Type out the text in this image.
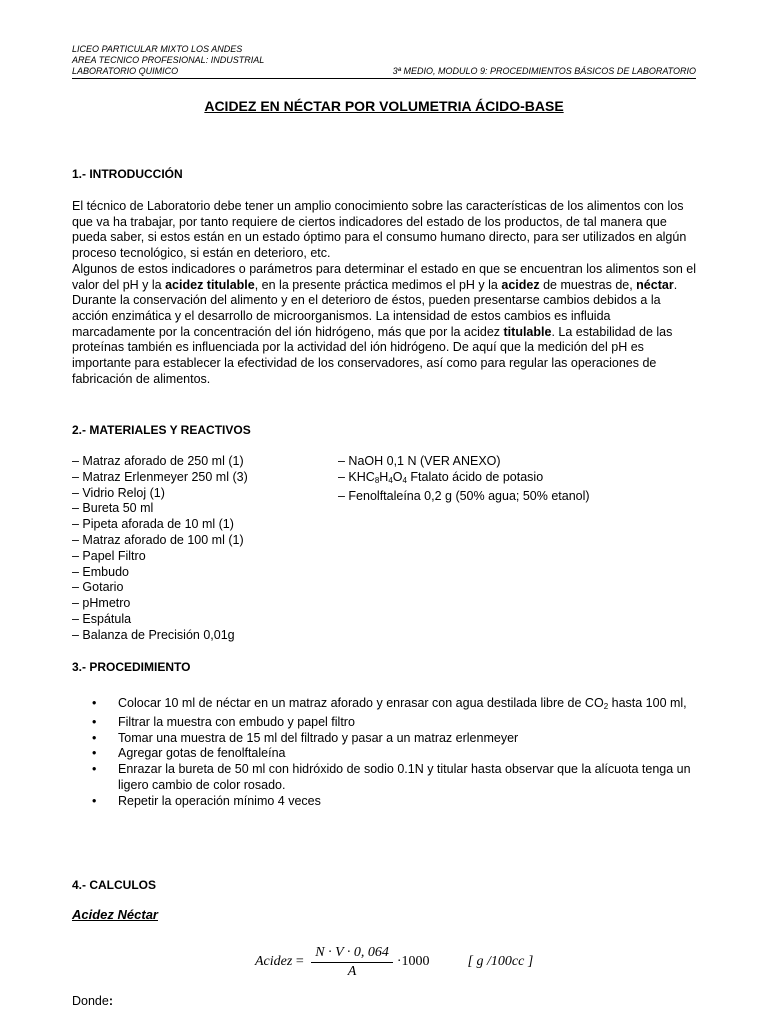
LICEO PARTICULAR MIXTO LOS ANDES
AREA TECNICO PROFESIONAL: INDUSTRIAL
LABORATORIO QUIMICO	3ª MEDIO, MODULO 9: PROCEDIMIENTOS BÁSICOS DE LABORATORIO
ACIDEZ EN NÉCTAR POR VOLUMETRIA ÁCIDO-BASE
1.- INTRODUCCIÓN

El técnico de Laboratorio debe tener un amplio conocimiento sobre las características de los alimentos con los que va ha trabajar, por tanto requiere de ciertos indicadores del estado de los productos, de tal manera que pueda saber, si estos están en un estado óptimo para el consumo humano directo, para ser utilizados en algún proceso tecnológico, si están en deterioro, etc.
Algunos de estos indicadores o parámetros para determinar el estado en que se encuentran los alimentos son el valor del pH y la acidez titulable, en la presente práctica medimos el pH y la acidez de muestras de, néctar.
Durante la conservación del alimento y en el deterioro de éstos, pueden presentarse cambios debidos a la acción enzimática y el desarrollo de microorganismos. La intensidad de estos cambios es influida marcadamente por la concentración del ión hidrógeno, más que por la acidez titulable. La estabilidad de las proteínas también es influenciada por la actividad del ión hidrógeno. De aquí que la medición del pH es importante para establecer la efectividad de los conservadores, así como para regular las operaciones de fabricación de alimentos.

2.- MATERIALES Y REACTIVOS
– Matraz aforado de 250 ml (1)
– Matraz Erlenmeyer 250 ml (3)
– Vidrio Reloj (1)
– Bureta 50 ml
– Pipeta aforada de 10 ml (1)
– Matraz aforado de 100 ml (1)
– Papel Filtro
– Embudo
– Gotario
– pHmetro
– Espátula
– Balanza de Precisión 0,01g
– NaOH 0,1 N (VER ANEXO)
– $KHC_8H_4O_4$ Ftalato ácido de potasio
– Fenolftaleína 0,2 g (50% agua; 50% etanol)
3.- PROCEDIMIENTO
• Colocar 10 ml de néctar en un matraz aforado y enrasar con agua destilada libre de $CO_2$ hasta 100 ml,
• Filtrar la muestra con embudo y papel filtro
• Tomar una muestra de 15 ml del filtrado y pasar a un matraz erlenmeyer
• Agregar gotas de fenolftaleína
• Enrazar la bureta de 50 ml con hidróxido de sodio 0.1N y titular hasta observar que la alícuota tenga un ligero cambio de color rosado.
• Repetir la operación mínimo 4 veces
4.- CALCULOS
Acidez Néctar
Acidez = $\frac{N \cdot V \cdot 0, 064}{A} \cdot 1000$	[ g /100cc ]
Donde:
